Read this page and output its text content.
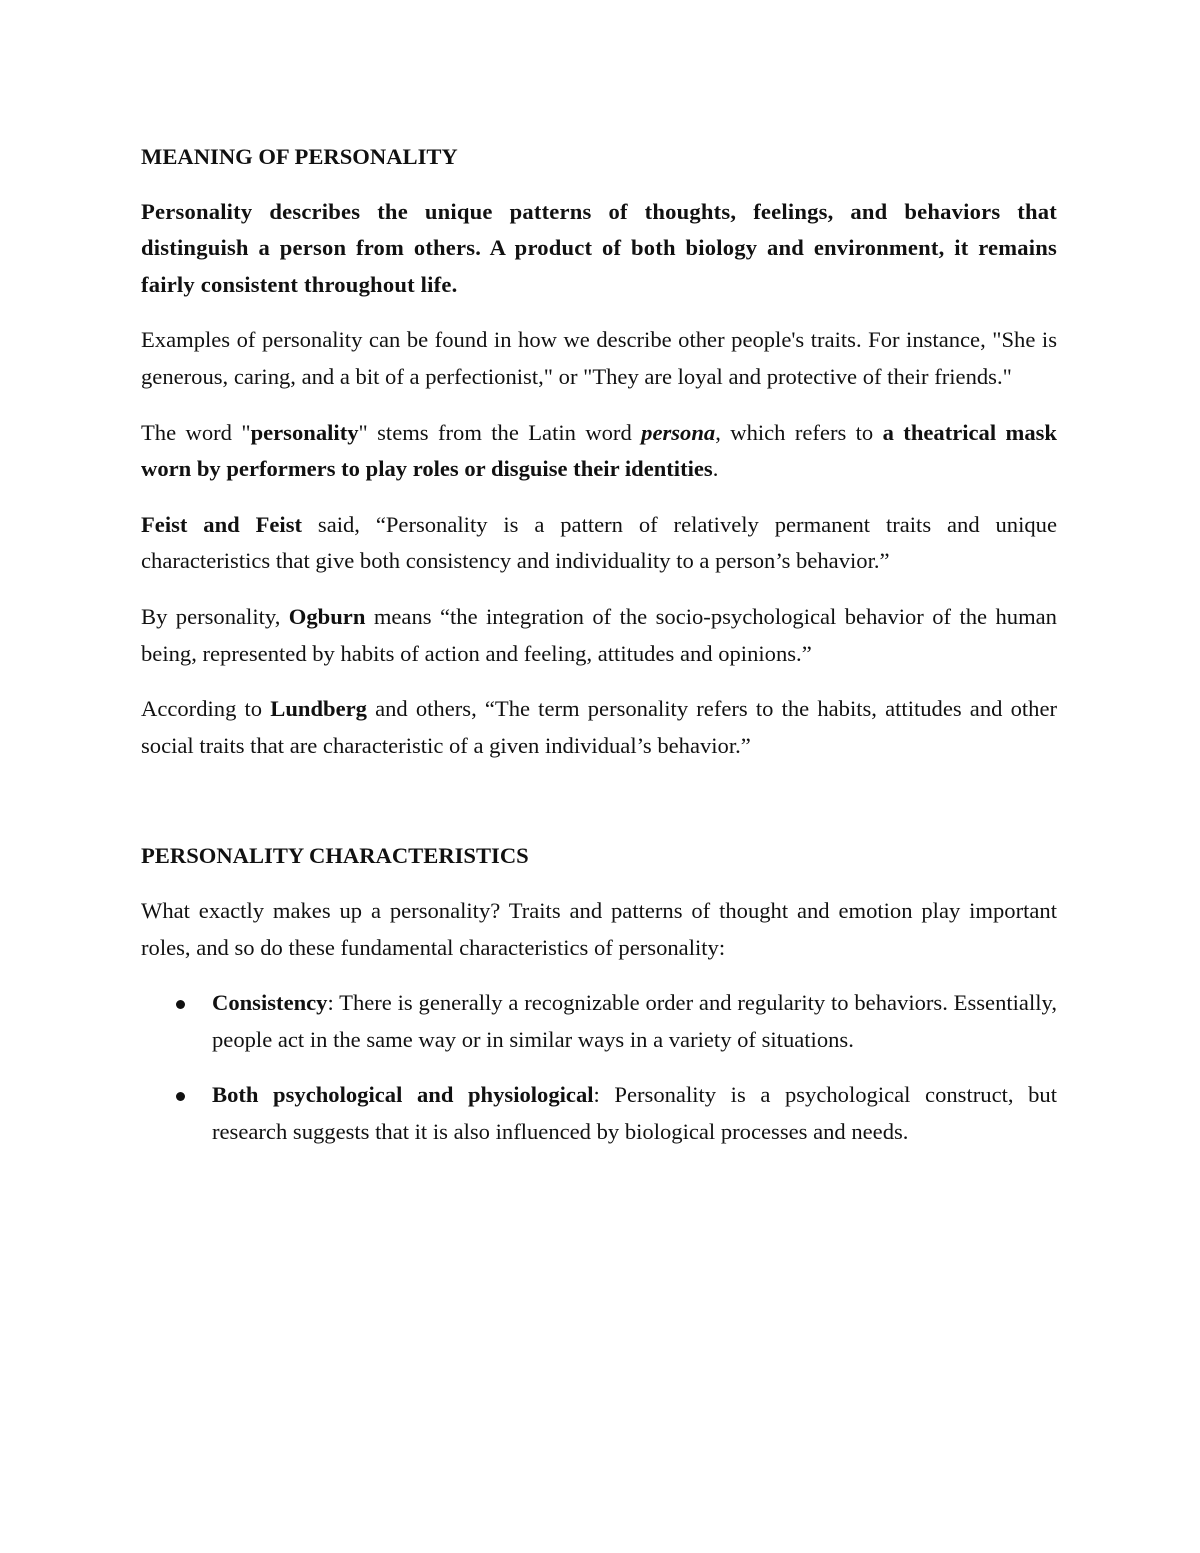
MEANING OF PERSONALITY

Personality describes the unique patterns of thoughts, feelings, and behaviors that distinguish a person from others. A product of both biology and environment, it remains fairly consistent throughout life.

Examples of personality can be found in how we describe other people's traits. For instance, "She is generous, caring, and a bit of a perfectionist," or "They are loyal and protective of their friends."

The word "personality" stems from the Latin word persona, which refers to a theatrical mask worn by performers to play roles or disguise their identities.

Feist and Feist said, “Personality is a pattern of relatively permanent traits and unique characteristics that give both consistency and individuality to a person’s behavior.”

By personality, Ogburn means “the integration of the socio-psychological behavior of the human being, represented by habits of action and feeling, attitudes and opinions.”

According to Lundberg and others, “The term personality refers to the habits, attitudes and other social traits that are characteristic of a given individual’s behavior.”

PERSONALITY CHARACTERISTICS

What exactly makes up a personality? Traits and patterns of thought and emotion play important roles, and so do these fundamental characteristics of personality:

Consistency: There is generally a recognizable order and regularity to behaviors. Essentially, people act in the same way or in similar ways in a variety of situations.
Both psychological and physiological: Personality is a psychological construct, but research suggests that it is also influenced by biological processes and needs.
